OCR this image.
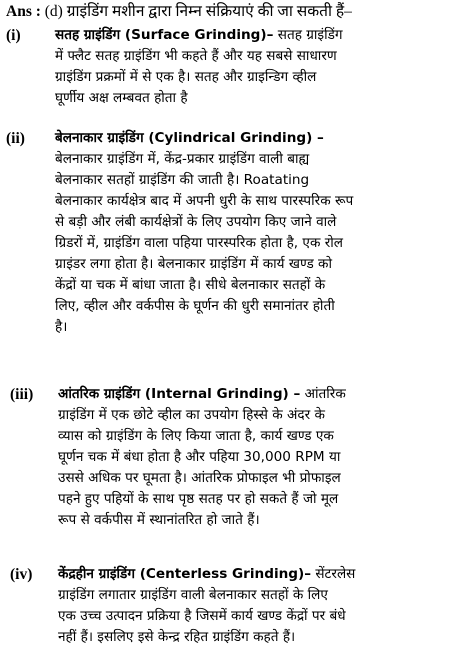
Ans : (d) ग्राइंडिंग मशीन द्वारा निम्न संक्रियाएं की जा सकती हैं–
(i)	सतह ग्राइंडिंग (Surface Grinding)– सतह ग्राइंडिंग
में फ्लैट सतह ग्राइंडिंग भी कहते हैं और यह सबसे साधारण
ग्राइंडिंग प्रक्रमों में से एक है। सतह और ग्राइन्डिग व्हील
घूर्णीय अक्ष लम्बवत होता है
(ii) बेलनाकार ग्राइंडिंग (Cylindrical Grinding) –
बेलनाकार ग्राइंडिंग में, केंद्र-प्रकार ग्राइंडिंग वाली बाह्य
बेलनाकार सतहों ग्राइंडिंग की जाती है। Roatating
बेलनाकार कार्यक्षेत्र बाद में अपनी धुरी के साथ पारस्परिक रूप
से बड़ी और लंबी कार्यक्षेत्रों के लिए उपयोग किए जाने वाले
ग्रिडरों में, ग्राइंडिंग वाला पहिया पारस्परिक होता है, एक रोल
ग्राइंडर लगा होता है। बेलनाकार ग्राइंडिंग में कार्य खण्ड को
केंद्रों या चक में बांधा जाता है। सीधे बेलनाकार सतहों के
लिए, व्हील और वर्कपीस के घूर्णन की धुरी समानांतर होती
है।
(iii) आंतरिक ग्राइंडिंग (Internal Grinding) – आंतरिक
ग्राइंडिंग में एक छोटे व्हील का उपयोग हिस्से के अंदर के
व्यास को ग्राइंडिंग के लिए किया जाता है, कार्य खण्ड एक
घूर्णन चक में बंधा होता है और पहिया 30,000 RPM या
उससे अधिक पर घूमता है। आंतरिक प्रोफाइल भी प्रोफाइल
पहने हुए पहियों के साथ पृष्ठ सतह पर हो सकते हैं जो मूल
रूप से वर्कपीस में स्थानांतरित हो जाते हैं।
(iv) केंद्रहीन ग्राइंडिंग (Centerless Grinding)– सेंटरलेस
ग्राइंडिंग लगातार ग्राइंडिंग वाली बेलनाकार सतहों के लिए
एक उच्च उत्पादन प्रक्रिया है जिसमें कार्य खण्ड केंद्रों पर बंधे
नहीं हैं। इसलिए इसे केन्द्र रहित ग्राइंडिंग कहते हैं।
